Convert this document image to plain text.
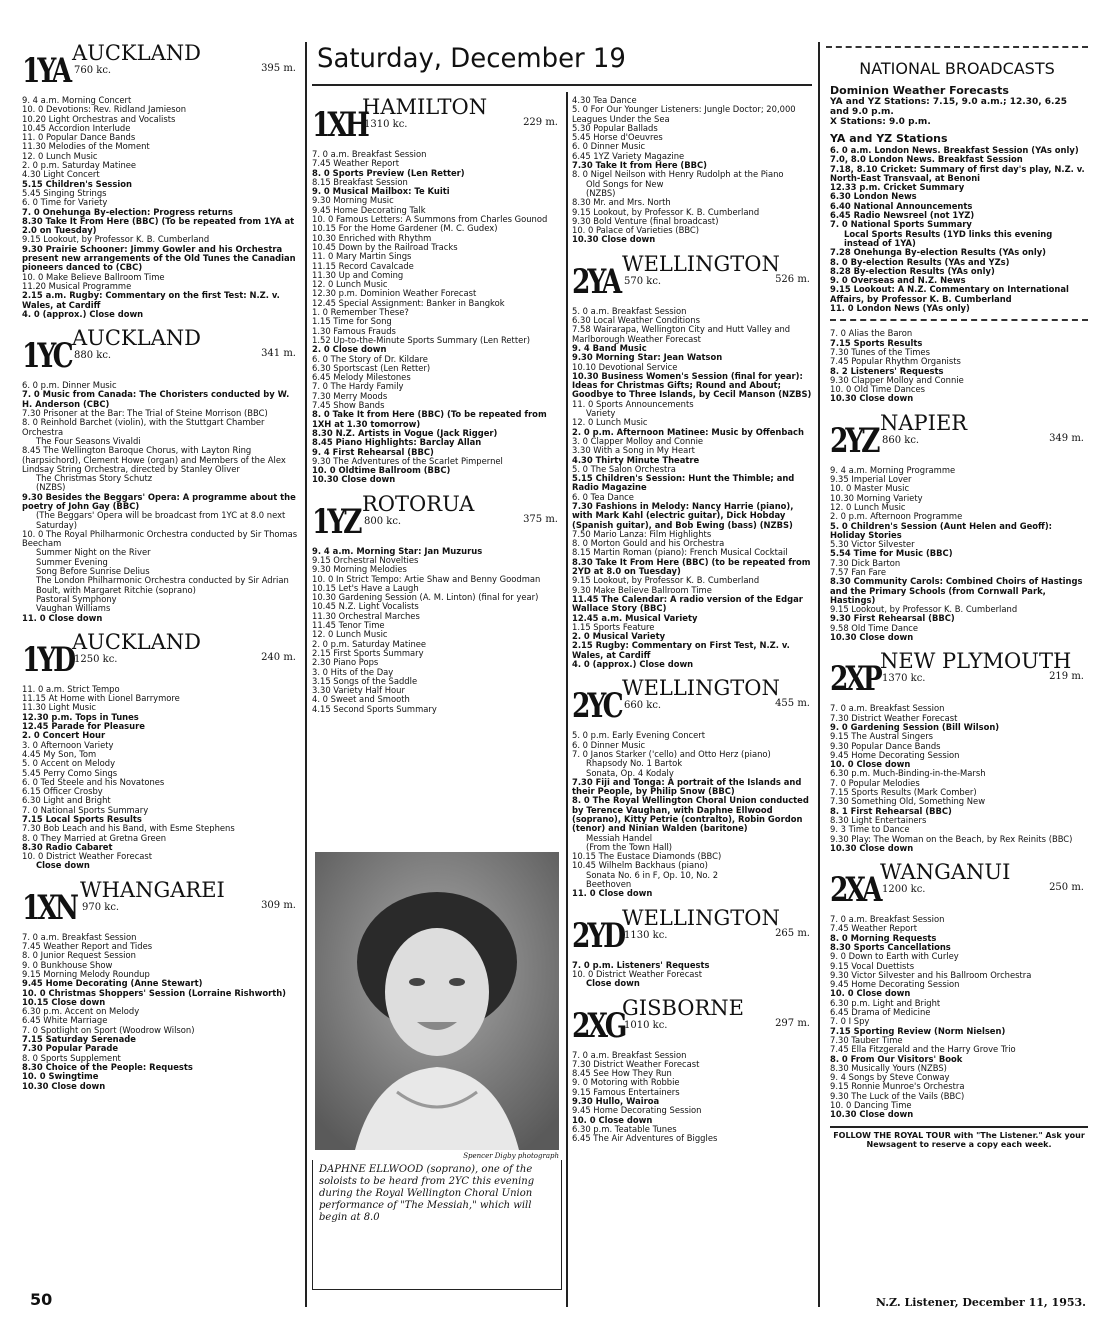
1YA AUCKLAND
760 kc.	395 m.
9. 4 a.m. Morning Concert
10. 0 Devotions: Rev. Ridland Jamieson
10.20 Light Orchestras and Vocalists
10.45 Accordion Interlude
11. 0 Popular Dance Bands
11.30 Melodies of the Moment
12. 0 Lunch Music
2. 0 p.m. Saturday Matinee
4.30 Light Concert
5.15 Children's Session
5.45 Singing Strings
6. 0 Time for Variety
7. 0 Onehunga By-election: Progress returns
8.30 Take It From Here (BBC) (To be repeated from 1YA at 2.0 on Tuesday)
9.15 Lookout, by Professor K. B. Cumberland
9.30 Prairie Schooner: Jimmy Gowler and his Orchestra present new arrangements of the Old Tunes the Canadian pioneers danced to (CBC)
10. 0 Make Believe Ballroom Time
11.20 Musical Programme
2.15 a.m. Rugby: Commentary on the first Test: N.Z. v. Wales, at Cardiff
4. 0 (approx.) Close down
1YC AUCKLAND
880 kc.	341 m.
6. 0 p.m. Dinner Music
7. 0 Music from Canada: The Choristers conducted by W. H. Anderson (CBC)
7.30 Prisoner at the Bar: The Trial of Steine Morrison (BBC)
8. 0 Reinhold Barchet (violin), with the Stuttgart Chamber Orchestra
The Four Seasons Vivaldi
8.45 The Wellington Baroque Chorus, with Layton Ring (harpsichord), Clement Howe (organ) and Members of the Alex Lindsay String Orchestra, directed by Stanley Oliver
The Christmas Story Schutz
(NZBS)
9.30 Besides the Beggars' Opera: A programme about the poetry of John Gay (BBC)
(The Beggars' Opera will be broadcast from 1YC at 8.0 next Saturday)
10. 0 The Royal Philharmonic Orchestra conducted by Sir Thomas Beecham
Summer Night on the River
Summer Evening
Song Before Sunrise Delius
The London Philharmonic Orchestra conducted by Sir Adrian Boult, with Margaret Ritchie (soprano)
Pastoral Symphony
Vaughan Williams
11. 0 Close down
1YD
AUCKLAND
1250 kc.	240 m.
11. 0 a.m. Strict Tempo
11.15 At Home with Lionel Barrymore
11.30 Light Music
12.30 p.m. Tops in Tunes
12.45 Parade for Pleasure
2. 0 Concert Hour
3. 0 Afternoon Variety
4.45 My Son, Tom
5. 0 Accent on Melody
5.45 Perry Como Sings
6. 0 Ted Steele and his Novatones
6.15 Officer Crosby
6.30 Light and Bright
7. 0 National Sports Summary
7.15 Local Sports Results
7.30 Bob Leach and his Band, with Esme Stephens
8. 0 They Married at Gretna Green
8.30 Radio Cabaret
10. 0 District Weather Forecast
Close down
1XN WHANGAREI
970 kc.	309 m.
7. 0 a.m. Breakfast Session
7.45 Weather Report and Tides
8. 0 Junior Request Session
9. 0 Bunkhouse Show
9.15 Morning Melody Roundup
9.45 Home Decorating (Anne Stewart)
10. 0 Christmas Shoppers' Session (Lorraine Rishworth)
10.15 Close down
6.30 p.m. Accent on Melody
6.45 White Marriage
7. 0 Spotlight on Sport (Woodrow Wilson)
7.15 Saturday Serenade
7.30 Popular Parade
8. 0 Sports Supplement
8.30 Choice of the People: Requests
10. 0 Swingtime
10.30 Close down
Saturday, December 19
1XH
HAMILTON
1310 kc.	229 m.
7. 0 a.m. Breakfast Session
7.45 Weather Report
8. 0 Sports Preview (Len Retter)
8.15 Breakfast Session
9. 0 Musical Mailbox: Te Kuiti
9.30 Morning Music
9.45 Home Decorating Talk
10. 0 Famous Letters: A Summons from Charles Gounod
10.15 For the Home Gardener (M. C. Gudex)
10.30 Enriched with Rhythm
10.45 Down by the Railroad Tracks
11. 0 Mary Martin Sings
11.15 Record Cavalcade
11.30 Up and Coming
12. 0 Lunch Music
12.30 p.m. Dominion Weather Forecast
12.45 Special Assignment: Banker in Bangkok
1. 0 Remember These?
1.15 Time for Song
1.30 Famous Frauds
1.52 Up-to-the-Minute Sports Summary (Len Retter)
2. 0 Close down
6. 0 The Story of Dr. Kildare
6.30 Sportscast (Len Retter)
6.45 Melody Milestones
7. 0 The Hardy Family
7.30 Merry Moods
7.45 Show Bands
8. 0 Take It from Here (BBC) (To be repeated from 1XH at 1.30 tomorrow)
8.30 N.Z. Artists in Vogue (Jack Rigger)
8.45 Piano Highlights: Barclay Allan
9. 4 First Rehearsal (BBC)
9.30 The Adventures of the Scarlet Pimpernel
10. 0 Oldtime Ballroom (BBC)
10.30 Close down
1YZ ROTORUA
800 kc.	375 m.
9. 4 a.m. Morning Star: Jan Muzurus
9.15 Orchestral Novelties
9.30 Morning Melodies
10. 0 In Strict Tempo: Artie Shaw and Benny Goodman
10.15 Let's Have a Laugh
10.30 Gardening Session (A. M. Linton) (final for year)
10.45 N.Z. Light Vocalists
11.30 Orchestral Marches
11.45 Tenor Time
12. 0 Lunch Music
2. 0 p.m. Saturday Matinee
2.15 First Sports Summary
2.30 Piano Pops
3. 0 Hits of the Day
3.15 Songs of the Saddle
3.30 Variety Half Hour
4. 0 Sweet and Smooth
4.15 Second Sports Summary
Spencer Digby photograph
DAPHNE ELLWOOD (soprano), one of the soloists to be heard from 2YC this evening during the Royal Wellington Choral Union performance of "The Messiah," which will begin at 8.0
4.30 Tea Dance
5. 0 For Our Younger Listeners: Jungle Doctor; 20,000 Leagues Under the Sea
5.30 Popular Ballads
5.45 Horse d'Oeuvres
6. 0 Dinner Music
6.45 1YZ Variety Magazine
7.30 Take It from Here (BBC)
8. 0 Nigel Neilson with Henry Rudolph at the Piano
Old Songs for New
(NZBS)
8.30 Mr. and Mrs. North
9.15 Lookout, by Professor K. B. Cumberland
9.30 Bold Venture (final broadcast)
10. 0 Palace of Varieties (BBC)
10.30 Close down
2YA WELLINGTON
570 kc.	526 m.
5. 0 a.m. Breakfast Session
6.30 Local Weather Conditions
7.58 Wairarapa, Wellington City and Hutt Valley and Marlborough Weather Forecast
9. 4 Band Music
9.30 Morning Star: Jean Watson
10.10 Devotional Service
10.30 Business Women's Session (final for year): Ideas for Christmas Gifts; Round and About; Goodbye to Three Islands, by Cecil Manson (NZBS)
11. 0 Sports Announcements
Variety
12. 0 Lunch Music
2. 0 p.m. Afternoon Matinee: Music by Offenbach
3. 0 Clapper Molloy and Connie
3.30 With a Song in My Heart
4.30 Thirty Minute Theatre
5. 0 The Salon Orchestra
5.15 Children's Session: Hunt the Thimble; and Radio Magazine
6. 0 Tea Dance
7.30 Fashions in Melody: Nancy Harrie (piano), with Mark Kahl (electric guitar), Dick Hobday (Spanish guitar), and Bob Ewing (bass) (NZBS)
7.50 Mario Lanza: Film Highlights
8. 0 Morton Gould and his Orchestra
8.15 Martin Roman (piano): French Musical Cocktail
8.30 Take It From Here (BBC) (to be repeated from 2YD at 8.0 on Tuesday)
9.15 Lookout, by Professor K. B. Cumberland
9.30 Make Believe Ballroom Time
11.45 The Calendar: A radio version of the Edgar Wallace Story (BBC)
12.45 a.m. Musical Variety
1.15 Sports Feature
2. 0 Musical Variety
2.15 Rugby: Commentary on First Test, N.Z. v. Wales, at Cardiff
4. 0 (approx.) Close down
2YC WELLINGTON
660 kc.	455 m.
5. 0 p.m. Early Evening Concert
6. 0 Dinner Music
7. 0 Janos Starker ('cello) and Otto Herz (piano)
Rhapsody No. 1 Bartok
Sonata, Op. 4 Kodaly
7.30 Fiji and Tonga: A portrait of the Islands and their People, by Philip Snow (BBC)
8. 0 The Royal Wellington Choral Union conducted by Terence Vaughan, with Daphne Ellwood (soprano), Kitty Petrie (contralto), Robin Gordon (tenor) and Ninian Walden (baritone)
Messiah Handel
(From the Town Hall)
10.15 The Eustace Diamonds (BBC)
10.45 Wilhelm Backhaus (piano)
Sonata No. 6 in F, Op. 10, No. 2
Beethoven
11. 0 Close down
2YD
WELLINGTON
1130 kc.	265 m.
7. 0 p.m. Listeners' Requests
10. 0 District Weather Forecast
Close down
2XG
GISBORNE
1010 kc.	297 m.
7. 0 a.m. Breakfast Session
7.30 District Weather Forecast
8.45 See How They Run
9. 0 Motoring with Robbie
9.15 Famous Entertainers
9.30 Hullo, Wairoa
9.45 Home Decorating Session
10. 0 Close down
6.30 p.m. Teatable Tunes
6.45 The Air Adventures of Biggles
NATIONAL BROADCASTS
Dominion Weather Forecasts
YA and YZ Stations: 7.15, 9.0 a.m.; 12.30, 6.25 and 9.0 p.m.
X Stations: 9.0 p.m.
YA and YZ Stations
6. 0 a.m. London News. Breakfast Session (YAs only)
7.0, 8.0 London News. Breakfast Session
7.18, 8.10 Cricket: Summary of first day's play, N.Z. v. North-East Transvaal, at Benoni
12.33 p.m. Cricket Summary
6.30 London News
6.40 National Announcements
6.45 Radio Newsreel (not 1YZ)
7. 0 National Sports Summary
Local Sports Results (1YD links this evening instead of 1YA)
7.28 Onehunga By-election Results (YAs only)
8. 0 By-election Results (YAs and YZs)
8.28 By-election Results (YAs only)
9. 0 Overseas and N.Z. News
9.15 Lookout: A N.Z. Commentary on International Affairs, by Professor K. B. Cumberland
11. 0 London News (YAs only)
7. 0 Alias the Baron
7.15 Sports Results
7.30 Tunes of the Times
7.45 Popular Rhythm Organists
8. 2 Listeners' Requests
9.30 Clapper Molloy and Connie
10. 0 Old Time Dances
10.30 Close down
2YZ NAPIER
860 kc.	349 m.
9. 4 a.m. Morning Programme
9.35 Imperial Lover
10. 0 Master Music
10.30 Morning Variety
12. 0 Lunch Music
2. 0 p.m. Afternoon Programme
5. 0 Children's Session (Aunt Helen and Geoff): Holiday Stories
5.30 Victor Silvester
5.54 Time for Music (BBC)
7.30 Dick Barton
7.57 Fan Fare
8.30 Community Carols: Combined Choirs of Hastings and the Primary Schools (from Cornwall Park, Hastings)
9.15 Lookout, by Professor K. B. Cumberland
9.30 First Rehearsal (BBC)
9.58 Old Time Dance
10.30 Close down
2XP NEW PLYMOUTH
1370 kc.	219 m.
7. 0 a.m. Breakfast Session
7.30 District Weather Forecast
9. 0 Gardening Session (Bill Wilson)
9.15 The Austral Singers
9.30 Popular Dance Bands
9.45 Home Decorating Session
10. 0 Close down
6.30 p.m. Much-Binding-in-the-Marsh
7. 0 Popular Melodies
7.15 Sports Results (Mark Comber)
7.30 Something Old, Something New
8. 1 First Rehearsal (BBC)
8.30 Light Entertainers
9. 3 Time to Dance
9.30 Play: The Woman on the Beach, by Rex Reinits (BBC)
10.30 Close down
2XA WANGANUI
1200 kc.	250 m.
7. 0 a.m. Breakfast Session
7.45 Weather Report
8. 0 Morning Requests
8.30 Sports Cancellations
9. 0 Down to Earth with Curley
9.15 Vocal Duettists
9.30 Victor Silvester and his Ballroom Orchestra
9.45 Home Decorating Session
10. 0 Close down
6.30 p.m. Light and Bright
6.45 Drama of Medicine
7. 0 I Spy
7.15 Sporting Review (Norm Nielsen)
7.30 Tauber Time
7.45 Ella Fitzgerald and the Harry Grove Trio
8. 0 From Our Visitors' Book
8.30 Musically Yours (NZBS)
9. 4 Songs by Steve Conway
9.15 Ronnie Munroe's Orchestra
9.30 The Luck of the Vails (BBC)
10. 0 Dancing Time
10.30 Close down
FOLLOW THE ROYAL TOUR with "The Listener." Ask your Newsagent to reserve a copy each week.
50	N.Z. Listener, December 11, 1953.
